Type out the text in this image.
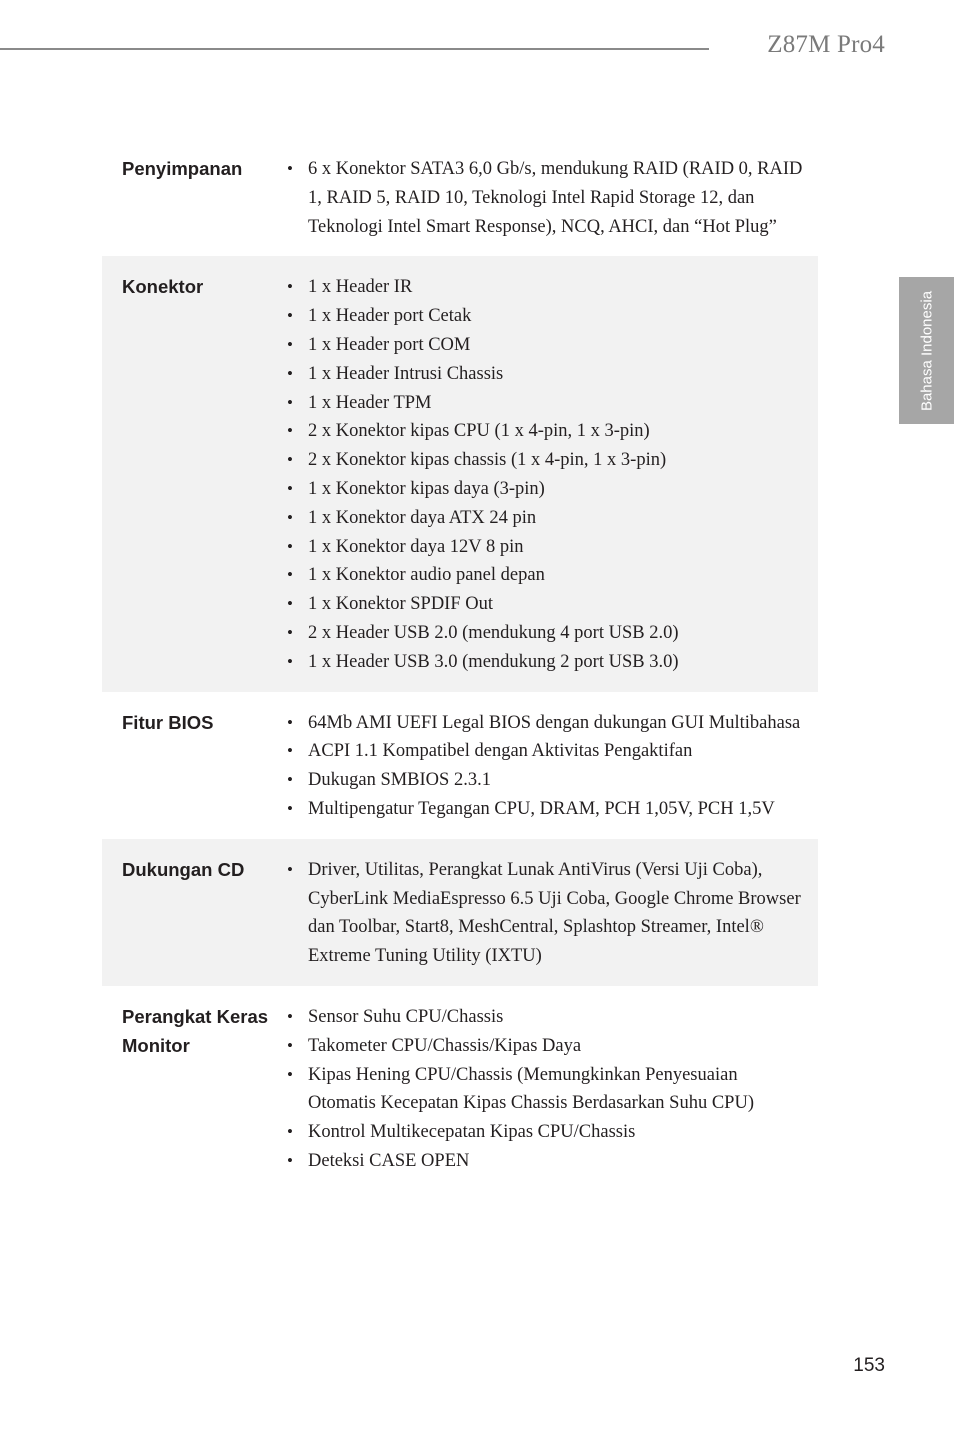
Z87M Pro4
Bahasa Indonesia
Penyimpanan	• 6 x Konektor SATA3 6,0 Gb/s, mendukung RAID (RAID 0, RAID 1, RAID 5, RAID 10, Teknologi Intel Rapid Storage 12, dan Teknologi Intel Smart Response), NCQ, AHCI, dan “Hot Plug”
Konektor	• 1 x Header IR
• 1 x Header port Cetak
• 1 x Header port COM
• 1 x Header Intrusi Chassis
• 1 x Header TPM
• 2 x Konektor kipas CPU (1 x 4-pin, 1 x 3-pin)
• 2 x Konektor kipas chassis (1 x 4-pin, 1 x 3-pin)
• 1 x Konektor kipas daya (3-pin)
• 1 x Konektor daya ATX 24 pin
• 1 x Konektor daya 12V 8 pin
• 1 x Konektor audio panel depan
• 1 x Konektor SPDIF Out
• 2 x Header USB 2.0 (mendukung 4 port USB 2.0)
• 1 x Header USB 3.0 (mendukung 2 port USB 3.0)
Fitur BIOS	• 64Mb AMI UEFI Legal BIOS dengan dukungan GUI Multibahasa
• ACPI 1.1 Kompatibel dengan Aktivitas Pengaktifan
• Dukugan SMBIOS 2.3.1
• Multipengatur Tegangan CPU, DRAM, PCH 1,05V, PCH 1,5V
Dukungan CD	• Driver, Utilitas, Perangkat Lunak AntiVirus (Versi Uji Coba), CyberLink MediaEspresso 6.5 Uji Coba, Google Chrome Browser dan Toolbar, Start8, MeshCentral, Splashtop Streamer, Intel® Extreme Tuning Utility (IXTU)
Perangkat Keras Monitor
• Sensor Suhu CPU/Chassis
• Takometer CPU/Chassis/Kipas Daya
• Kipas Hening CPU/Chassis (Memungkinkan Penyesuaian Otomatis Kecepatan Kipas Chassis Berdasarkan Suhu CPU)
• Kontrol Multikecepatan Kipas CPU/Chassis
• Deteksi CASE OPEN
153
